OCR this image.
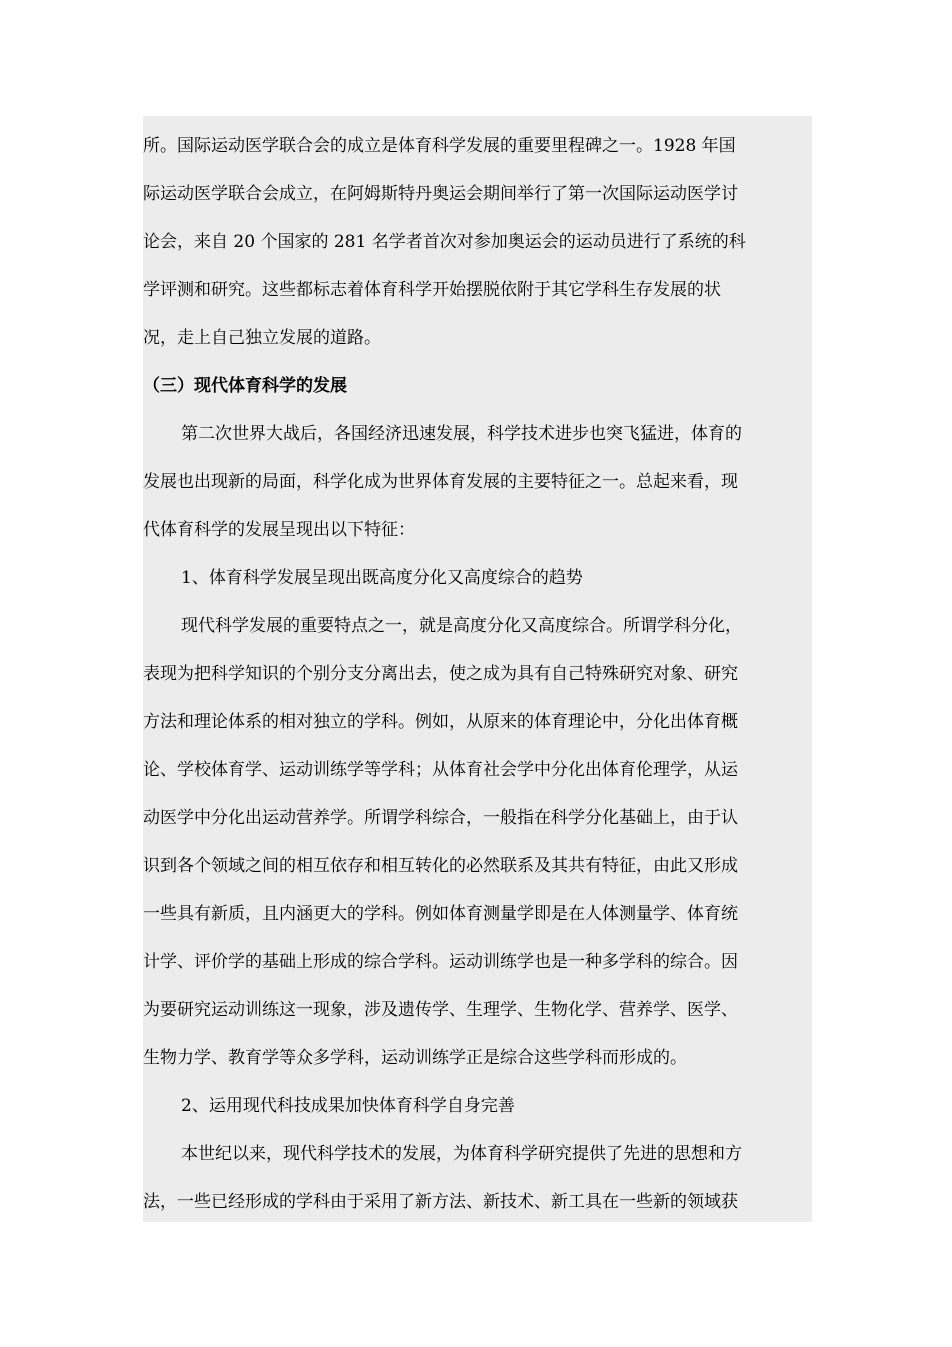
所。国际运动医学联合会的成立是体育科学发展的重要里程碑之一。1928 年国
际运动医学联合会成立，在阿姆斯特丹奥运会期间举行了第一次国际运动医学讨
论会，来自 20 个国家的 281 名学者首次对参加奥运会的运动员进行了系统的科
学评测和研究。这些都标志着体育科学开始摆脱依附于其它学科生存发展的状
况，走上自己独立发展的道路。
（三）现代体育科学的发展
第二次世界大战后，各国经济迅速发展，科学技术进步也突飞猛进，体育的
发展也出现新的局面，科学化成为世界体育发展的主要特征之一。总起来看，现
代体育科学的发展呈现出以下特征：
1、体育科学发展呈现出既高度分化又高度综合的趋势
现代科学发展的重要特点之一，就是高度分化又高度综合。所谓学科分化，
表现为把科学知识的个别分支分离出去，使之成为具有自己特殊研究对象、研究
方法和理论体系的相对独立的学科。例如，从原来的体育理论中，分化出体育概
论、学校体育学、运动训练学等学科；从体育社会学中分化出体育伦理学，从运
动医学中分化出运动营养学。所谓学科综合，一般指在科学分化基础上，由于认
识到各个领域之间的相互依存和相互转化的必然联系及其共有特征，由此又形成
一些具有新质，且内涵更大的学科。例如体育测量学即是在人体测量学、体育统
计学、评价学的基础上形成的综合学科。运动训练学也是一种多学科的综合。因
为要研究运动训练这一现象，涉及遗传学、生理学、生物化学、营养学、医学、
生物力学、教育学等众多学科，运动训练学正是综合这些学科而形成的。
2、运用现代科技成果加快体育科学自身完善
本世纪以来，现代科学技术的发展，为体育科学研究提供了先进的思想和方
法，一些已经形成的学科由于采用了新方法、新技术、新工具在一些新的领域获
